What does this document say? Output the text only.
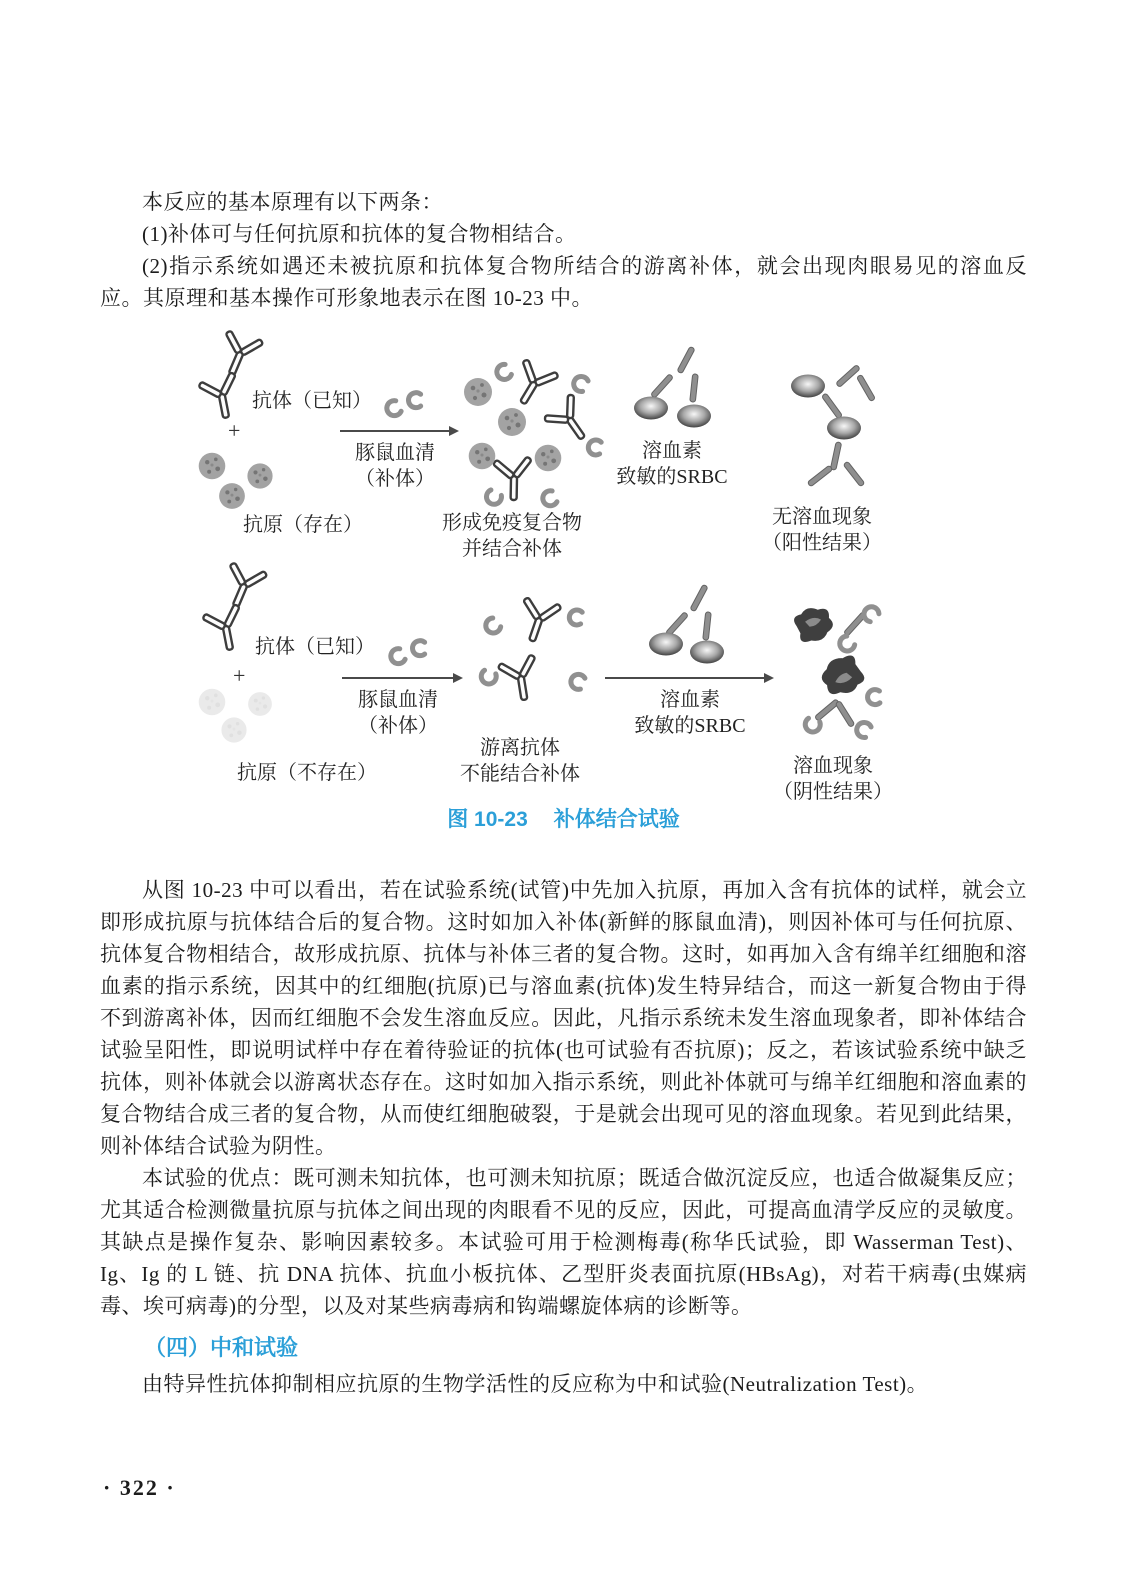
本反应的基本原理有以下两条：

(1)补体可与任何抗原和抗体的复合物相结合。

(2)指示系统如遇还未被抗原和抗体复合物所结合的游离补体，就会出现肉眼易见的溶血反应。其原理和基本操作可形象地表示在图 10-23 中。

抗体（已知）
+
抗原（存在）
豚鼠血清
（补体）
形成免疫复合物
并结合补体
溶血素
致敏的SRBC
无溶血现象
（阳性结果）
抗体（已知）
+
抗原（不存在）
豚鼠血清
（补体）
游离抗体
不能结合补体
溶血素
致敏的SRBC
溶血现象
（阴性结果）
图 10-23 补体结合试验

从图 10-23 中可以看出，若在试验系统(试管)中先加入抗原，再加入含有抗体的试样，就会立即形成抗原与抗体结合后的复合物。这时如加入补体(新鲜的豚鼠血清)，则因补体可与任何抗原、抗体复合物相结合，故形成抗原、抗体与补体三者的复合物。这时，如再加入含有绵羊红细胞和溶血素的指示系统，因其中的红细胞(抗原)已与溶血素(抗体)发生特异结合，而这一新复合物由于得不到游离补体，因而红细胞不会发生溶血反应。因此，凡指示系统未发生溶血现象者，即补体结合试验呈阳性，即说明试样中存在着待验证的抗体(也可试验有否抗原)；反之，若该试验系统中缺乏抗体，则补体就会以游离状态存在。这时如加入指示系统，则此补体就可与绵羊红细胞和溶血素的复合物结合成三者的复合物，从而使红细胞破裂，于是就会出现可见的溶血现象。若见到此结果，则补体结合试验为阴性。

本试验的优点：既可测未知抗体，也可测未知抗原；既适合做沉淀反应，也适合做凝集反应；尤其适合检测微量抗原与抗体之间出现的肉眼看不见的反应，因此，可提高血清学反应的灵敏度。其缺点是操作复杂、影响因素较多。本试验可用于检测梅毒(称华氏试验，即 Wasserman Test)、Ig、Ig 的 L 链、抗 DNA 抗体、抗血小板抗体、乙型肝炎表面抗原(HBsAg)，对若干病毒(虫媒病毒、埃可病毒)的分型，以及对某些病毒病和钩端螺旋体病的诊断等。

（四）中和试验

由特异性抗体抑制相应抗原的生物学活性的反应称为中和试验(Neutralization Test)。

· 322 ·
